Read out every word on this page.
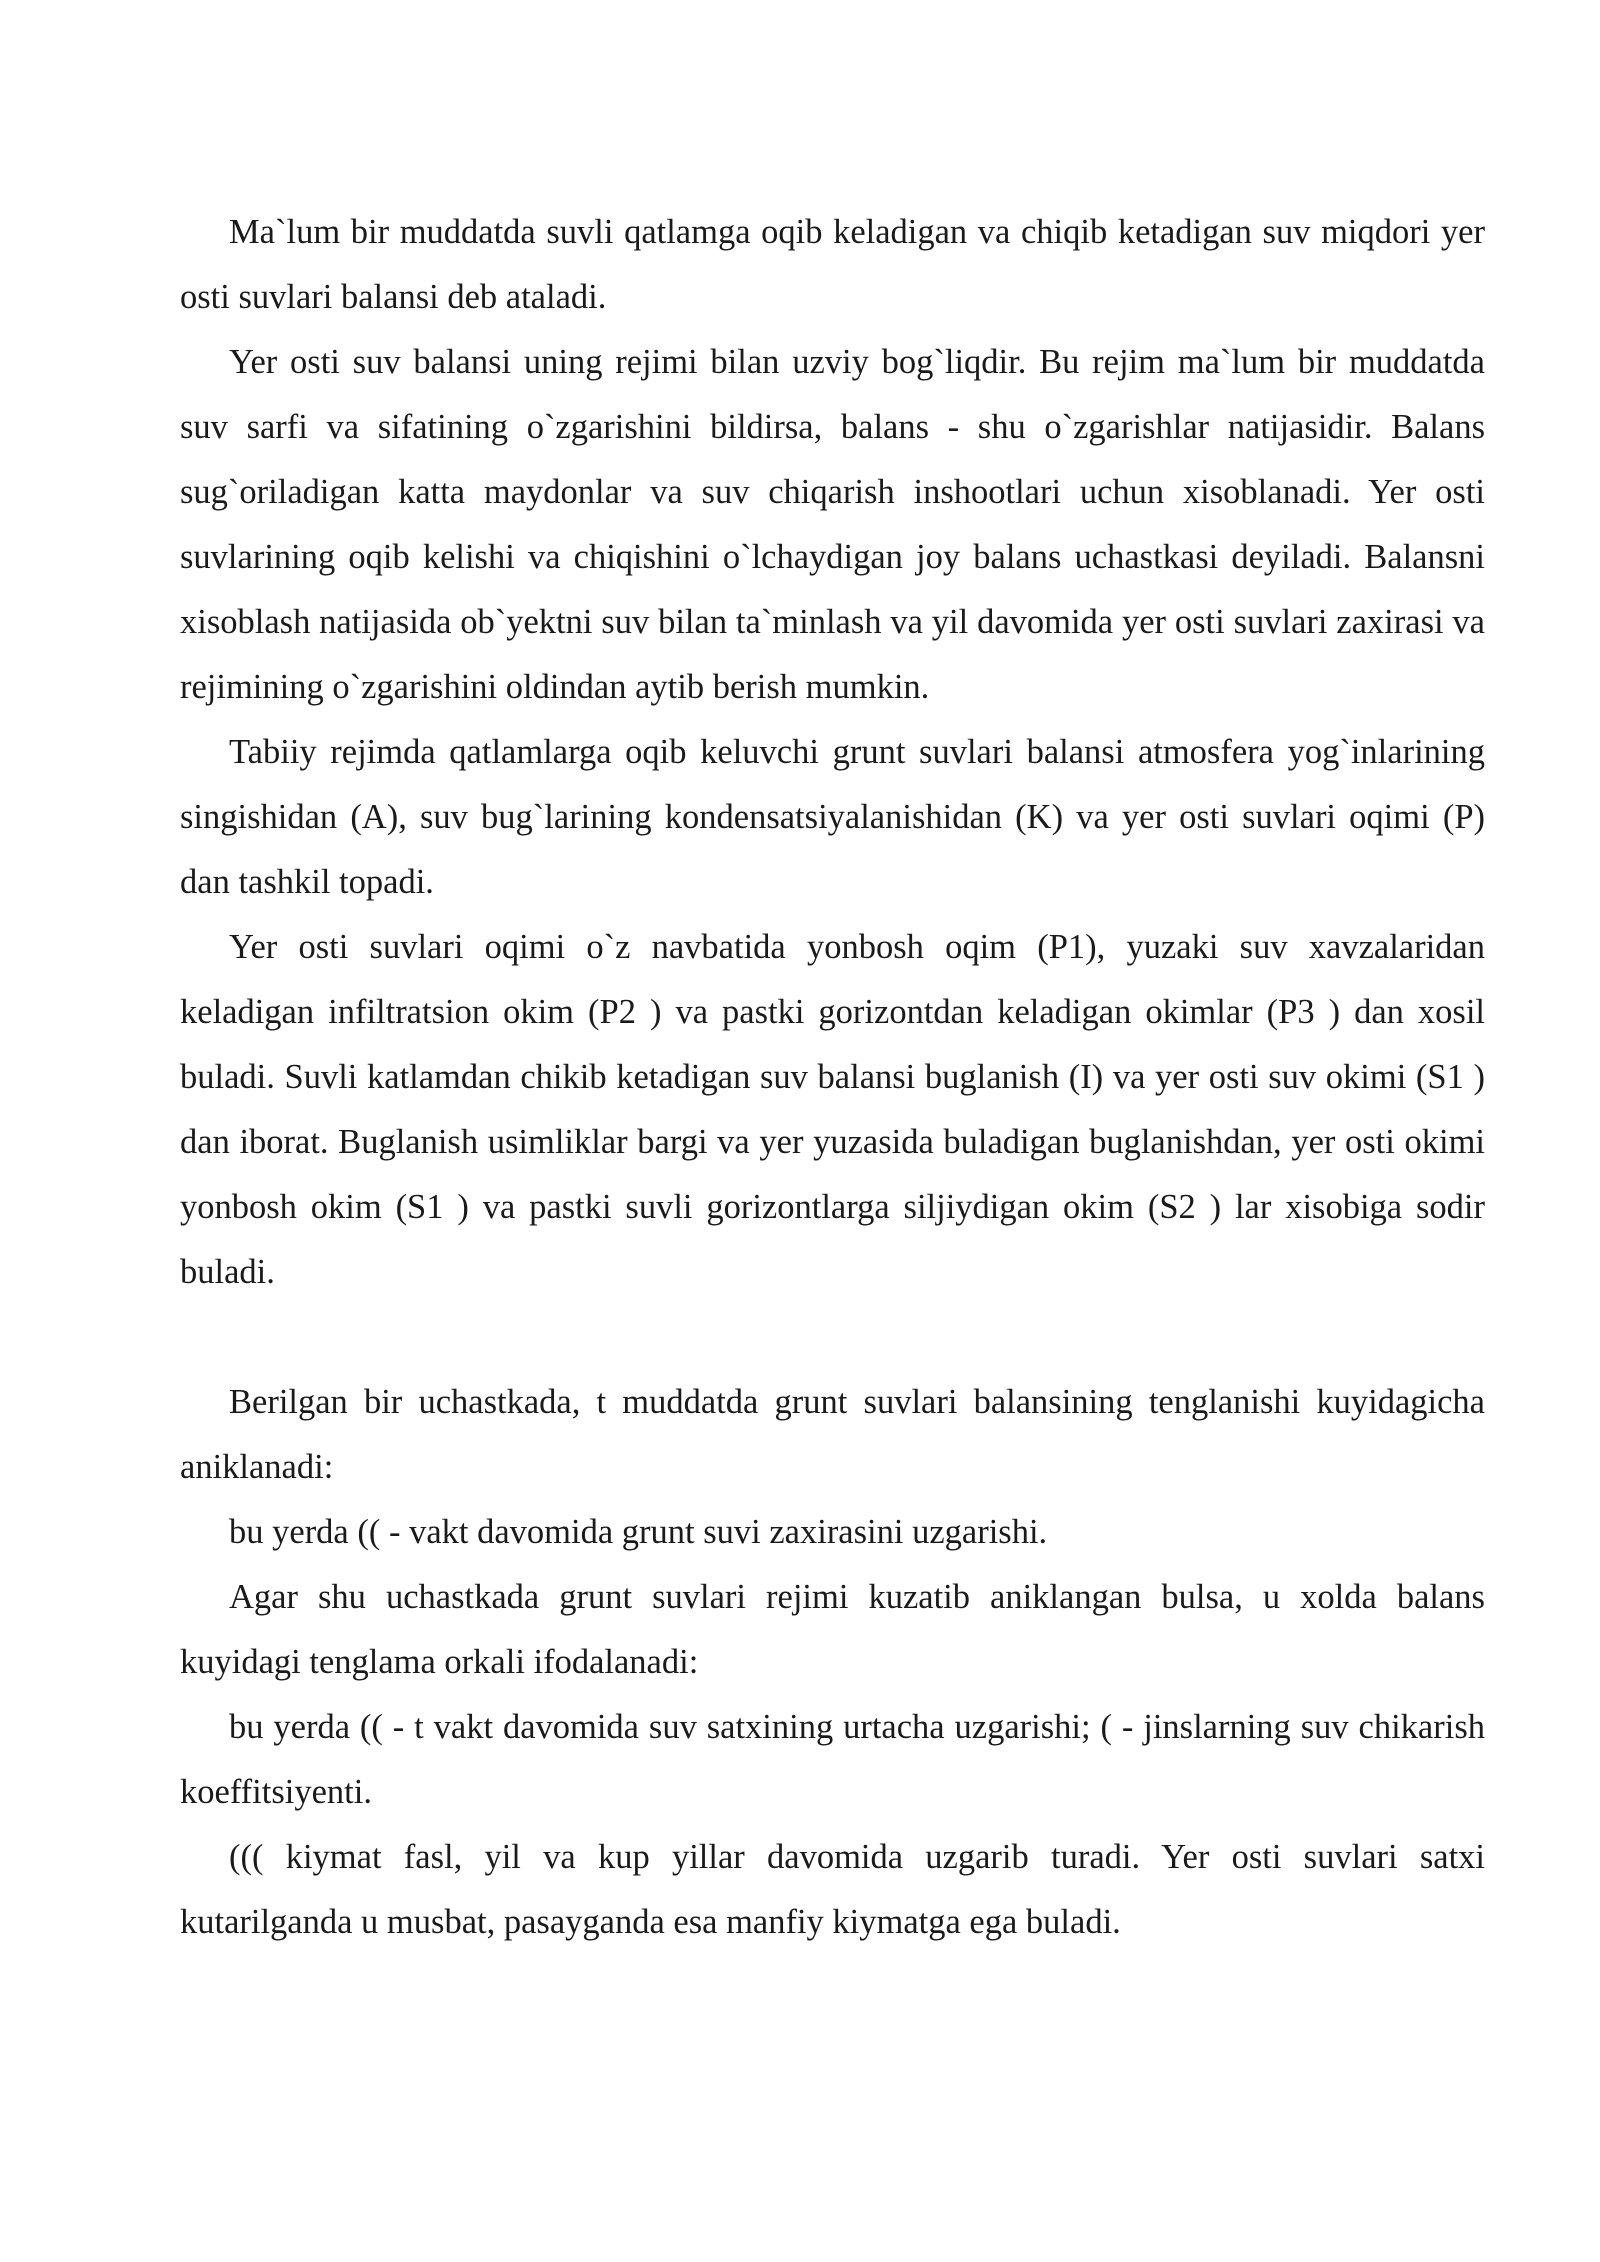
Ma`lum bir muddatda suvli qatlamga oqib keladigan va chiqib ketadigan suv miqdori yer osti suvlari balansi deb ataladi.

Yer osti suv balansi uning rejimi bilan uzviy bog`liqdir. Bu rejim ma`lum bir muddatda suv sarfi va sifatining o`zgarishini bildirsa, balans - shu o`zgarishlar natijasidir. Balans sug`oriladigan katta maydonlar va suv chiqarish inshootlari uchun xisoblanadi. Yer osti suvlarining oqib kelishi va chiqishini o`lchaydigan joy balans uchastkasi deyiladi. Balansni xisoblash natijasida ob`yektni suv bilan ta`minlash va yil davomida yer osti suvlari zaxirasi va rejimining o`zgarishini oldindan aytib berish mumkin.

Tabiiy rejimda qatlamlarga oqib keluvchi grunt suvlari balansi atmosfera yog`inlarining singishidan (A), suv bug`larining kondensatsiyalanishidan (K) va yer osti suvlari oqimi (P) dan tashkil topadi.

Yer osti suvlari oqimi o`z navbatida yonbosh oqim (P1), yuzaki suv xavzalaridan keladigan infiltratsion okim (P2 ) va pastki gorizontdan keladigan okimlar (P3 ) dan xosil buladi. Suvli katlamdan chikib ketadigan suv balansi buglanish (I) va yer osti suv okimi (S1 ) dan iborat. Buglanish usimliklar bargi va yer yuzasida buladigan buglanishdan, yer osti okimi yonbosh okim (S1 ) va pastki suvli gorizontlarga siljiydigan okim (S2 ) lar xisobiga sodir buladi.

Berilgan bir uchastkada, t muddatda grunt suvlari balansining tenglanishi kuyidagicha aniklanadi:

bu yerda (( - vakt davomida grunt suvi zaxirasini uzgarishi.

Agar shu uchastkada grunt suvlari rejimi kuzatib aniklangan bulsa, u xolda balans kuyidagi tenglama orkali ifodalanadi:

bu yerda (( - t vakt davomida suv satxining urtacha uzgarishi; ( - jinslarning suv chikarish koeffitsiyenti.

((( kiymat fasl, yil va kup yillar davomida uzgarib turadi. Yer osti suvlari satxi kutarilganda u musbat, pasayganda esa manfiy kiymatga ega buladi.
